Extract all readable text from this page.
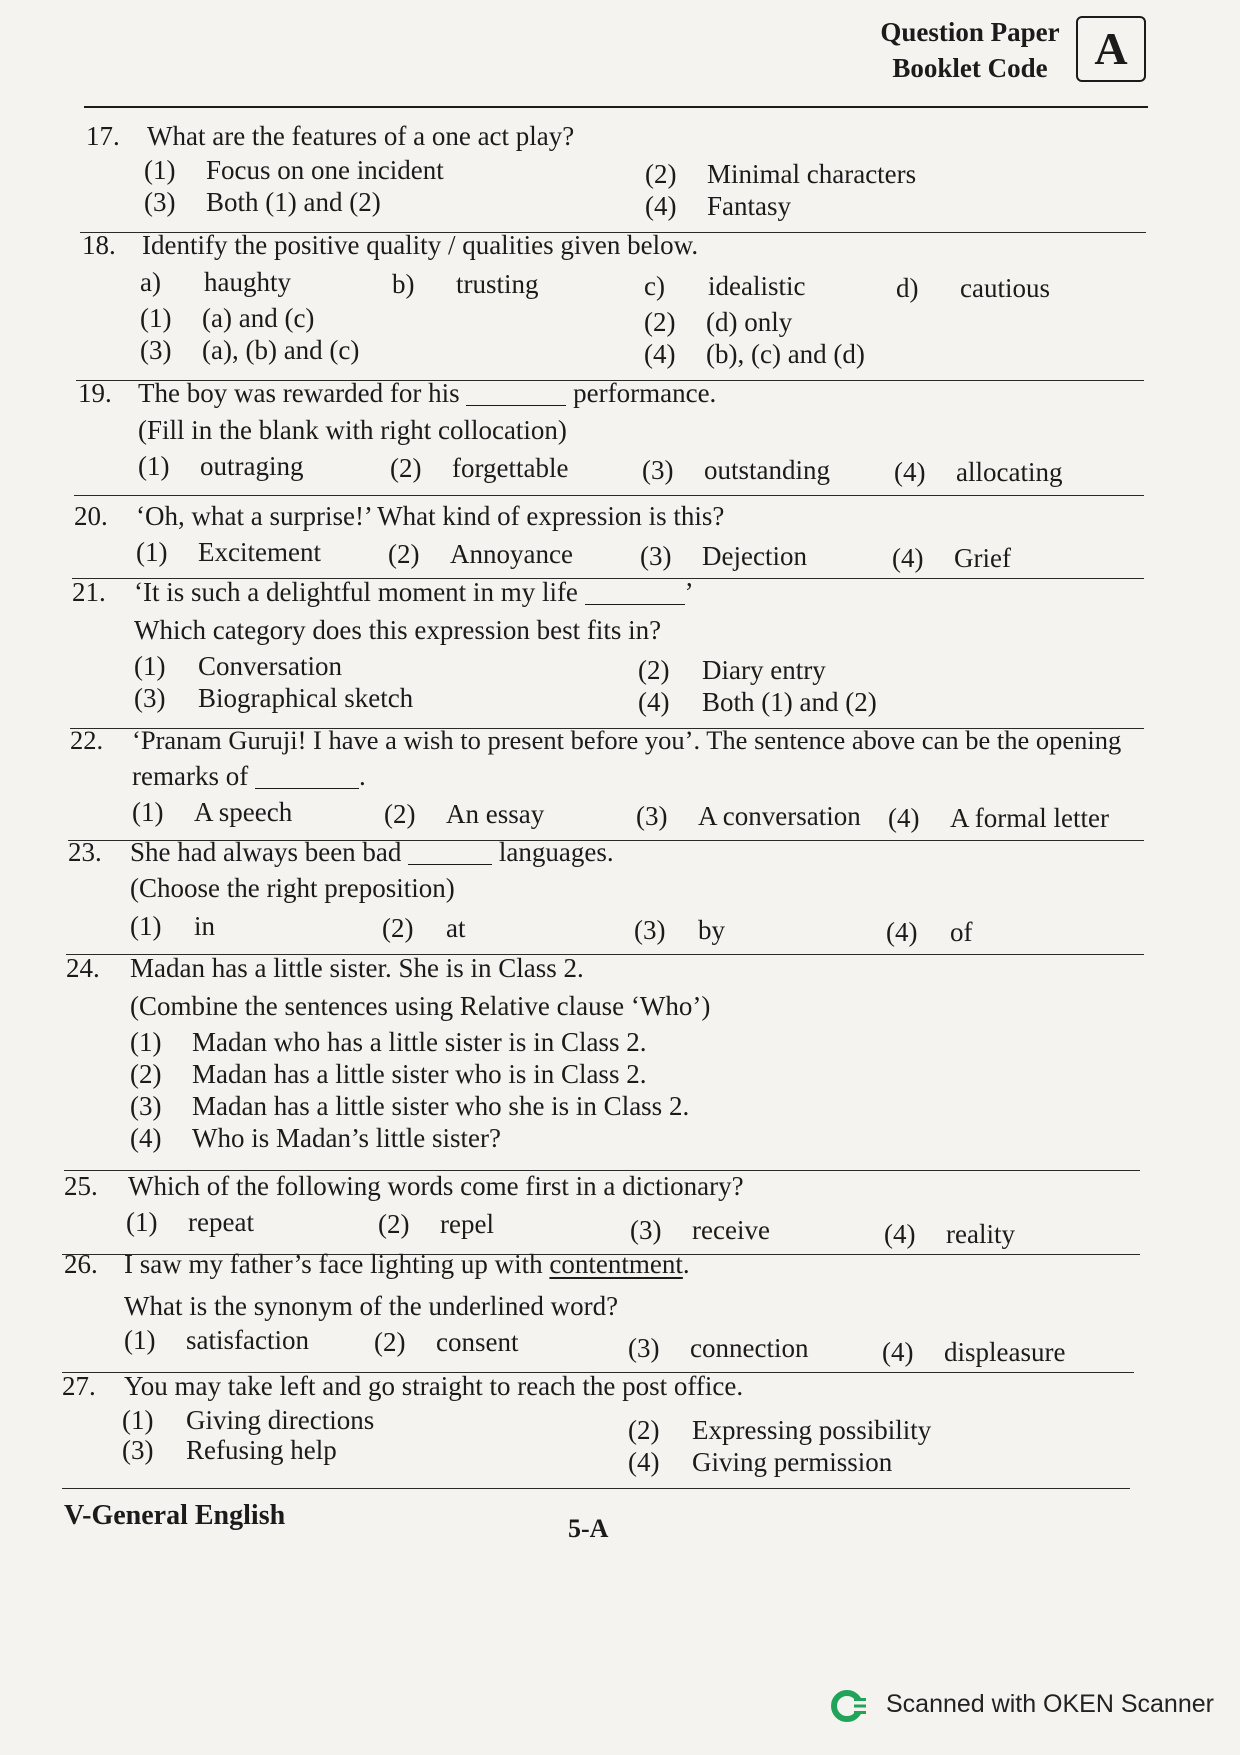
Question Paper
Booklet Code	A
17. What are the features of a one act play?
(1) Focus on one incident	(2) Minimal characters
(3) Both (1) and (2)	(4) Fantasy
18. Identify the positive quality / qualities given below.
a) haughty	b) trusting	c) idealistic	d) cautious
(1) (a) and (c)	(2) (d) only
(3) (a), (b) and (c)	(4) (b), (c) and (d)
19. The boy was rewarded for his	performance.
(Fill in the blank with right collocation)
(1) outraging	(2) forgettable	(3) outstanding (4) allocating
20. ‘Oh, what a surprise!’ What kind of expression is this?
(1) Excitement (2) Annoyance (3) Dejection	(4) Grief
21. ‘It is such a delightful moment in my life	’
Which category does this expression best fits in?
(1) Conversation	(2) Diary entry
(3) Biographical sketch	(4) Both (1) and (2)
22. ‘Pranam Guruji! I have a wish to present before you’. The sentence above can be the opening
remarks of	.
(1) A speech	(2) An essay	(3) A conversation (4) A formal letter
23. She had always been bad	languages.
(Choose the right preposition)
(1) in	(2) at	(3) by	(4) of
24. Madan has a little sister. She is in Class 2.
(Combine the sentences using Relative clause ‘Who’)
(1) Madan who has a little sister is in Class 2.
(2) Madan has a little sister who is in Class 2.
(3) Madan has a little sister who she is in Class 2.
(4) Who is Madan’s little sister?
25. Which of the following words come first in a dictionary?
(1) repeat	(2) repel	(3) receive	(4) reality
26. I saw my father’s face lighting up with contentment.
What is the synonym of the underlined word?
(1) satisfaction (2) consent	(3) connection	(4) displeasure
27. You may take left and go straight to reach the post office.
(1) Giving directions	(2) Expressing possibility
(3) Refusing help	(4) Giving permission
V-General English	5-A
Scanned with OKEN Scanner
